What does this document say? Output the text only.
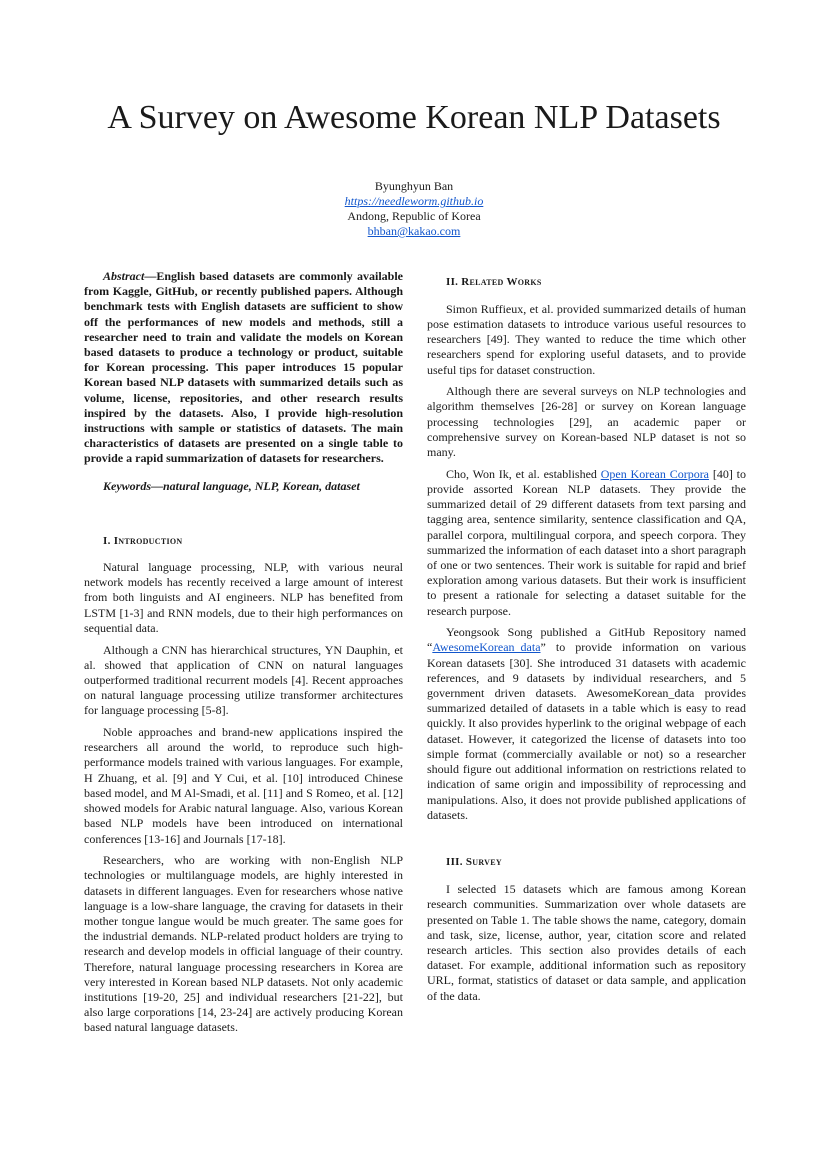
A Survey on Awesome Korean NLP Datasets
Byunghyun Ban
https://needleworm.github.io
Andong, Republic of Korea
bhban@kakao.com

Abstract—English based datasets are commonly available from Kaggle, GitHub, or recently published papers. Although benchmark tests with English datasets are sufficient to show off the performances of new models and methods, still a researcher need to train and validate the models on Korean based datasets to produce a technology or product, suitable for Korean processing. This paper introduces 15 popular Korean based NLP datasets with summarized details such as volume, license, repositories, and other research results inspired by the datasets. Also, I provide high-resolution instructions with sample or statistics of datasets. The main characteristics of datasets are presented on a single table to provide a rapid summarization of datasets for researchers.

Keywords—natural language, NLP, Korean, dataset

I. Introduction

Natural language processing, NLP, with various neural network models has recently received a large amount of interest from both linguists and AI engineers. NLP has benefited from LSTM [1-3] and RNN models, due to their high performances on sequential data.

Although a CNN has hierarchical structures, YN Dauphin, et al. showed that application of CNN on natural languages outperformed traditional recurrent models [4]. Recent approaches on natural language processing utilize transformer architectures for language processing [5-8].

Noble approaches and brand-new applications inspired the researchers all around the world, to reproduce such high-performance models trained with various languages. For example, H Zhuang, et al. [9] and Y Cui, et al. [10] introduced Chinese based model, and M Al-Smadi, et al. [11] and S Romeo, et al. [12] showed models for Arabic natural language. Also, various Korean based NLP models have been introduced on international conferences [13-16] and Journals [17-18].

Researchers, who are working with non-English NLP technologies or multilanguage models, are highly interested in datasets in different languages. Even for researchers whose native language is a low-share language, the craving for datasets in their mother tongue langue would be much greater. The same goes for the industrial demands. NLP-related product holders are trying to research and develop models in official language of their country. Therefore, natural language processing researchers in Korea are very interested in Korean based NLP datasets. Not only academic institutions [19-20, 25] and individual researchers [21-22], but also large corporations [14, 23-24] are actively producing Korean based natural language datasets.

II. Related Works

Simon Ruffieux, et al. provided summarized details of human pose estimation datasets to introduce various useful resources to researchers [49]. They wanted to reduce the time which other researchers spend for exploring useful datasets, and to provide useful tips for dataset construction.

Although there are several surveys on NLP technologies and algorithm themselves [26-28] or survey on Korean language processing technologies [29], an academic paper or comprehensive survey on Korean-based NLP dataset is not so many.

Cho, Won Ik, et al. established Open Korean Corpora [40] to provide assorted Korean NLP datasets. They provide the summarized detail of 29 different datasets from text parsing and tagging area, sentence similarity, sentence classification and QA, parallel corpora, multilingual corpora, and speech corpora. They summarized the information of each dataset into a short paragraph of one or two sentences. Their work is suitable for rapid and brief exploration among various datasets. But their work is insufficient to present a rationale for selecting a dataset suitable for the research purpose.

Yeongsook Song published a GitHub Repository named “AwesomeKorean_data” to provide information on various Korean datasets [30]. She introduced 31 datasets with academic references, and 9 datasets by individual researchers, and 5 government driven datasets. AwesomeKorean_data provides summarized detailed of datasets in a table which is easy to read quickly. It also provides hyperlink to the original webpage of each dataset. However, it categorized the license of datasets into too simple format (commercially available or not) so a researcher should figure out additional information on restrictions related to indication of same origin and impossibility of reprocessing and manipulations. Also, it does not provide published applications of datasets.

III. Survey

I selected 15 datasets which are famous among Korean research communities. Summarization over whole datasets are presented on Table 1. The table shows the name, category, domain and task, size, license, author, year, citation score and related research articles. This section also provides details of each dataset. For example, additional information such as repository URL, format, statistics of dataset or data sample, and application of the data.
